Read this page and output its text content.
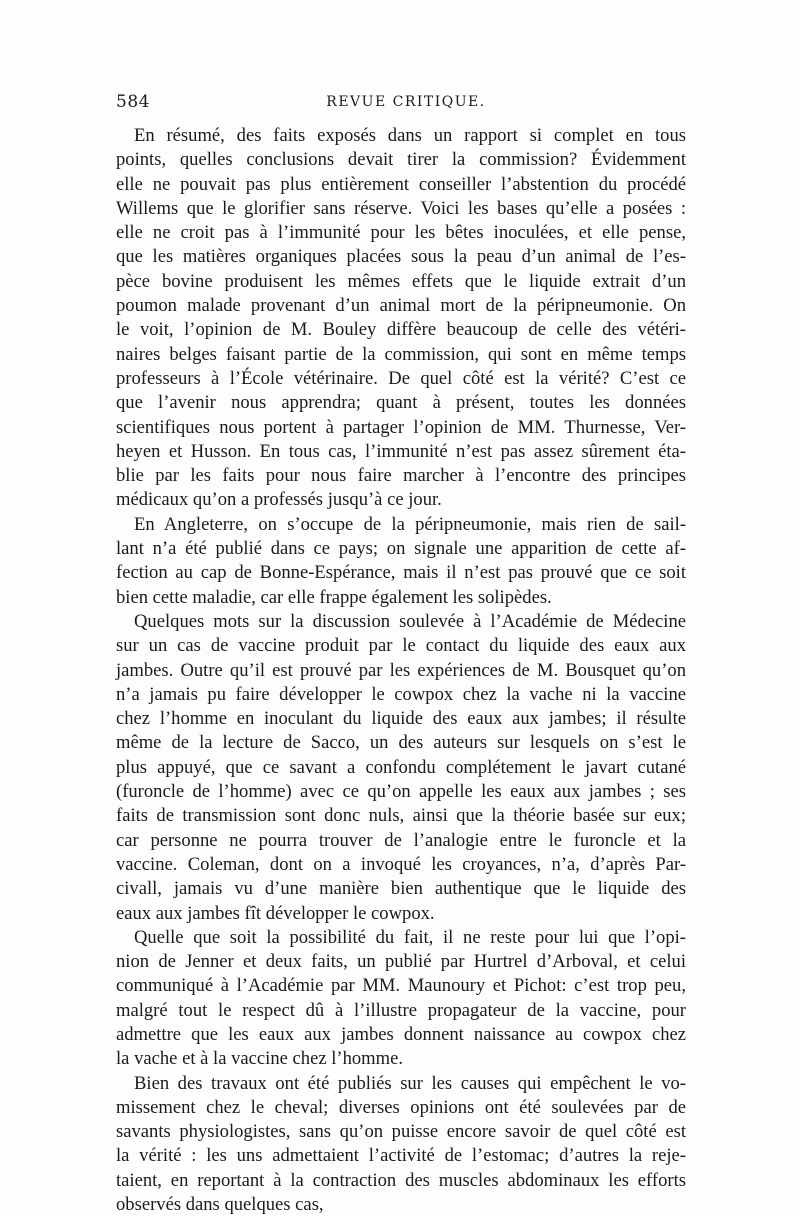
584	REVUE CRITIQUE.
En résumé, des faits exposés dans un rapport si complet en tous
points, quelles conclusions devait tirer la commission? Évidemment
elle ne pouvait pas plus entièrement conseiller l’abstention du procédé
Willems que le glorifier sans réserve. Voici les bases qu’elle a posées :
elle ne croit pas à l’immunité pour les bêtes inoculées, et elle pense,
que les matières organiques placées sous la peau d’un animal de l’es-
pèce bovine produisent les mêmes effets que le liquide extrait d’un
poumon malade provenant d’un animal mort de la péripneumonie. On
le voit, l’opinion de M. Bouley diffère beaucoup de celle des vétéri-
naires belges faisant partie de la commission, qui sont en même temps
professeurs à l’École vétérinaire. De quel côté est la vérité? C’est ce
que l’avenir nous apprendra; quant à présent, toutes les données
scientifiques nous portent à partager l’opinion de MM. Thurnesse, Ver-
heyen et Husson. En tous cas, l’immunité n’est pas assez sûrement éta-
blie par les faits pour nous faire marcher à l’encontre des principes
médicaux qu’on a professés jusqu’à ce jour.
En Angleterre, on s’occupe de la péripneumonie, mais rien de sail-
lant n’a été publié dans ce pays; on signale une apparition de cette af-
fection au cap de Bonne-Espérance, mais il n’est pas prouvé que ce soit
bien cette maladie, car elle frappe également les solipèdes.
Quelques mots sur la discussion soulevée à l’Académie de Médecine
sur un cas de vaccine produit par le contact du liquide des eaux aux
jambes. Outre qu’il est prouvé par les expériences de M. Bousquet qu’on
n’a jamais pu faire développer le cowpox chez la vache ni la vaccine
chez l’homme en inoculant du liquide des eaux aux jambes; il résulte
même de la lecture de Sacco, un des auteurs sur lesquels on s’est le
plus appuyé, que ce savant a confondu complétement le javart cutané
(furoncle de l’homme) avec ce qu’on appelle les eaux aux jambes ; ses
faits de transmission sont donc nuls, ainsi que la théorie basée sur eux;
car personne ne pourra trouver de l’analogie entre le furoncle et la
vaccine. Coleman, dont on a invoqué les croyances, n’a, d’après Par-
civall, jamais vu d’une manière bien authentique que le liquide des
eaux aux jambes fît développer le cowpox.
Quelle que soit la possibilité du fait, il ne reste pour lui que l’opi-
nion de Jenner et deux faits, un publié par Hurtrel d’Arboval, et celui
communiqué à l’Académie par MM. Maunoury et Pichot: c’est trop peu,
malgré tout le respect dû à l’illustre propagateur de la vaccine, pour
admettre que les eaux aux jambes donnent naissance au cowpox chez
la vache et à la vaccine chez l’homme.
Bien des travaux ont été publiés sur les causes qui empêchent le vo-
missement chez le cheval; diverses opinions ont été soulevées par de
savants physiologistes, sans qu’on puisse encore savoir de quel côté est
la vérité : les uns admettaient l’activité de l’estomac; d’autres la reje-
taient, en reportant à la contraction des muscles abdominaux les efforts
observés dans quelques cas,
